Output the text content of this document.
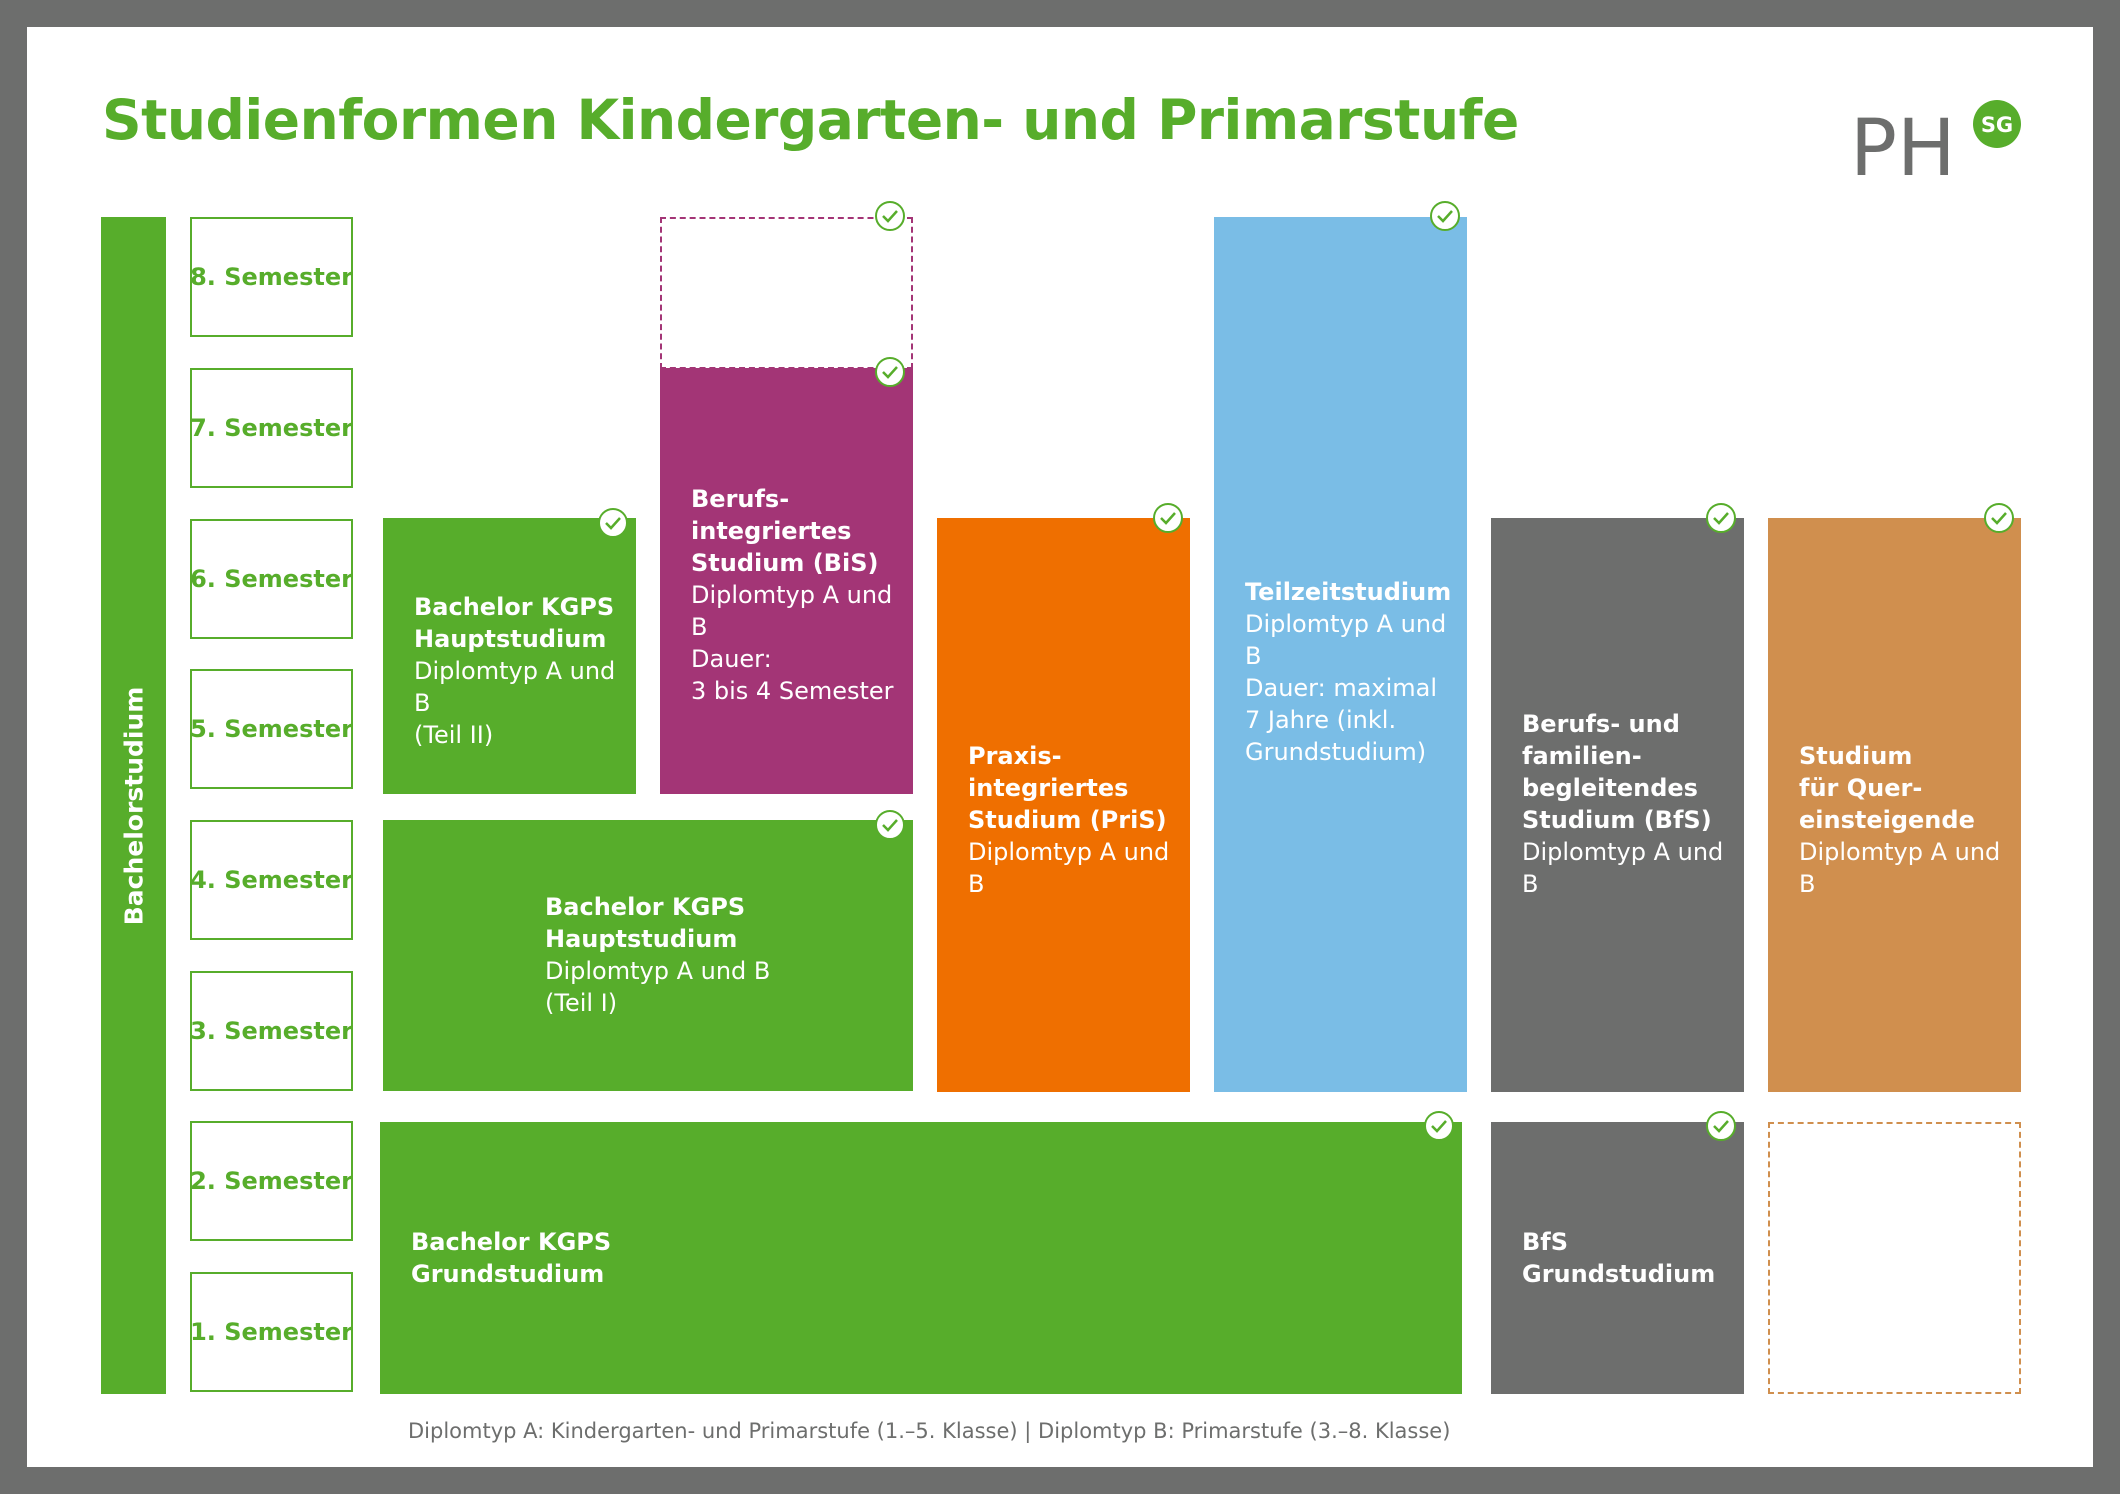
Studienformen Kindergarten- und Primarstufe	PH SG
Bachelorstudium
8. Semester
7. Semester
6. Semester
5. Semester
4. Semester
3. Semester
2. Semester
1. Semester
Bachelor KGPS
Grundstudium
Bachelor KGPS
Hauptstudium
Diplomtyp A und B
(Teil I)
Bachelor KGPS
Hauptstudium
Diplomtyp A und B
(Teil II)
Berufs-
integriertes
Studium (BiS)
Diplomtyp A und B
Dauer:
3 bis 4 Semester
Praxis-
integriertes
Studium (PriS)
Diplomtyp A und B
Teilzeitstudium
Diplomtyp A und B
Dauer: maximal
7 Jahre (inkl.
Grundstudium)
Berufs- und
familien-
begleitendes
Studium (BfS)
Diplomtyp A und B
BfS
Grundstudium
Studium
für Quer-
einsteigende
Diplomtyp A und B
Diplomtyp A: Kindergarten- und Primarstufe (1.–5. Klasse) | Diplomtyp B: Primarstufe (3.–8. Klasse)
